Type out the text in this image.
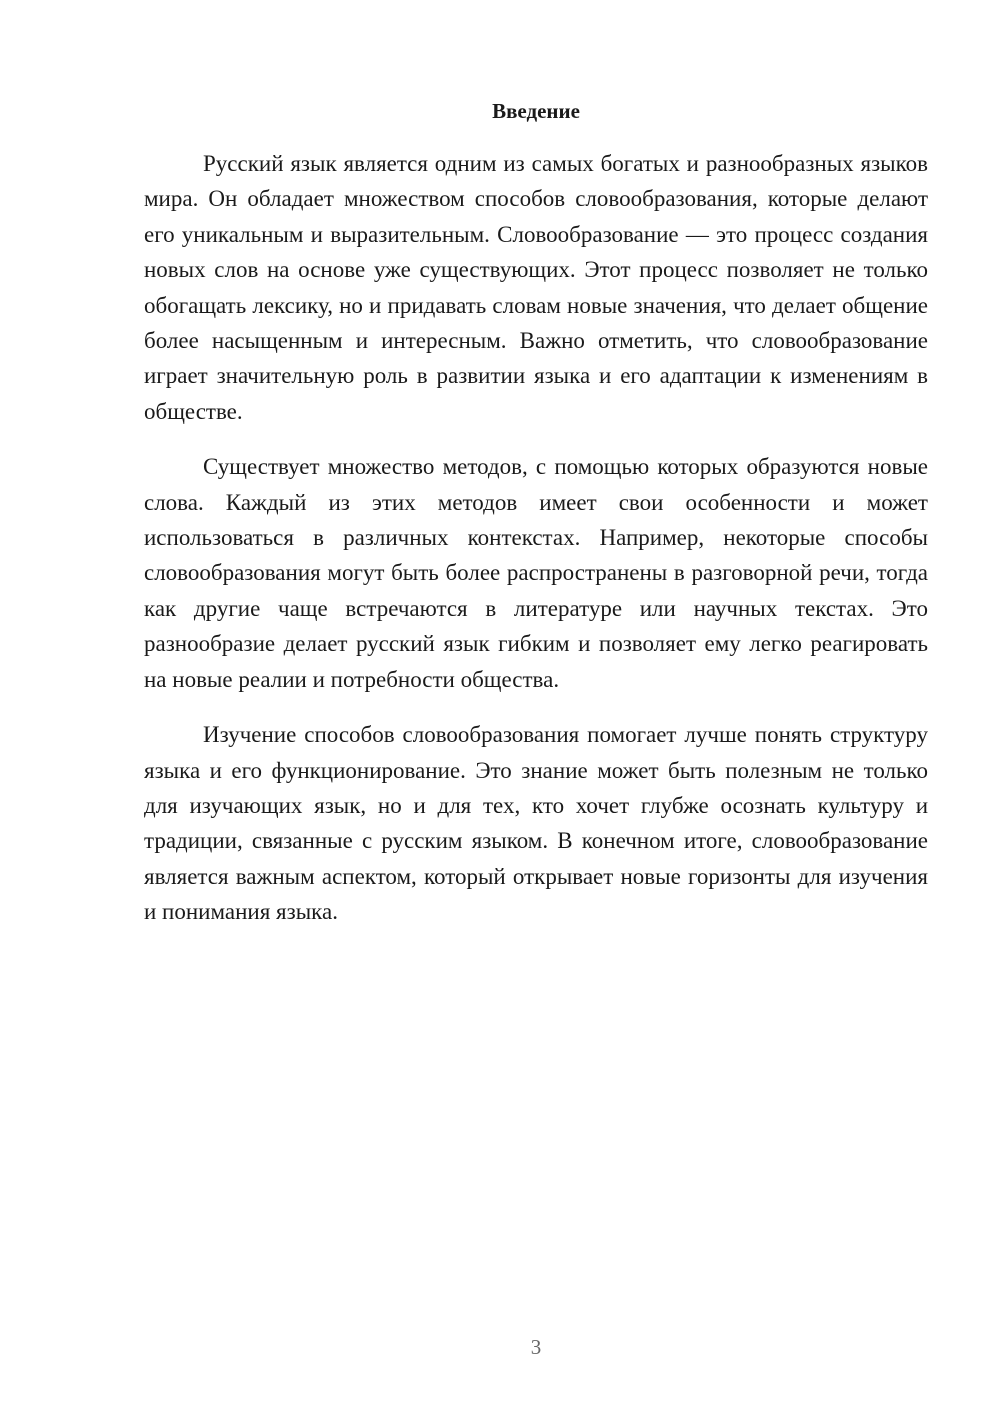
Введение

Русский язык является одним из самых богатых и разнообразных языков мира. Он обладает множеством способов словообразования, которые делают его уникальным и выразительным. Словообразование — это процесс создания новых слов на основе уже существующих. Этот процесс позволяет не только обогащать лексику, но и придавать словам новые значения, что делает общение более насыщенным и интересным. Важно отметить, что словообразование играет значительную роль в развитии языка и его адаптации к изменениям в обществе.

Существует множество методов, с помощью которых образуются новые слова. Каждый из этих методов имеет свои особенности и может использоваться в различных контекстах. Например, некоторые способы словообразования могут быть более распространены в разговорной речи, тогда как другие чаще встречаются в литературе или научных текстах. Это разнообразие делает русский язык гибким и позволяет ему легко реагировать на новые реалии и потребности общества.

Изучение способов словообразования помогает лучше понять структуру языка и его функционирование. Это знание может быть полезным не только для изучающих язык, но и для тех, кто хочет глубже осознать культуру и традиции, связанные с русским языком. В конечном итоге, словообразование является важным аспектом, который открывает новые горизонты для изучения и понимания языка.

3
